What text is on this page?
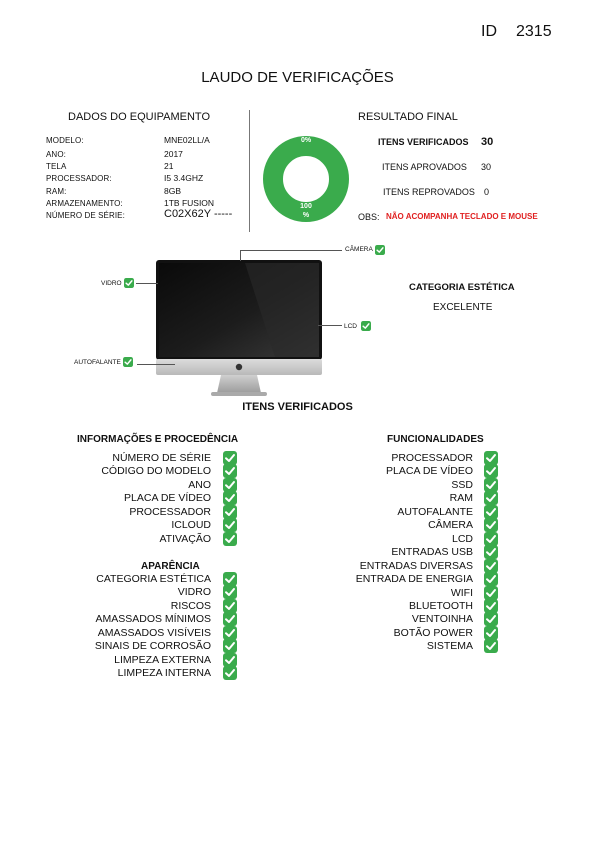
ID 2315
LAUDO DE VERIFICAÇÕES
DADOS DO EQUIPAMENTO
MODELO:	MNE02LL/A
ANO:	2017
TELA	21
PROCESSADOR:	I5 3.4GHZ
RAM:	8GB
ARMAZENAMENTO:	1TB FUSION
NÚMERO DE SÉRIE:	C02X62Y -----
RESULTADO FINAL
0%
100
%
ITENS VERIFICADOS 30
ITENS APROVADOS 30
ITENS REPROVADOS 0
OBS: NÃO ACOMPANHA TECLADO E MOUSE
CÂMERA
VIDRO
LCD
AUTOFALANTE
CATEGORIA ESTÉTICA
EXCELENTE
ITENS VERIFICADOS
INFORMAÇÕES E PROCEDÊNCIA	FUNCIONALIDADES
APARÊNCIA
NÚMERO DE SÉRIE
CÓDIGO DO MODELO
ANO
PLACA DE VÍDEO
PROCESSADOR
ICLOUD
ATIVAÇÃO
CATEGORIA ESTÉTICA
VIDRO
RISCOS
AMASSADOS MÍNIMOS
AMASSADOS VISÍVEIS
SINAIS DE CORROSÃO
LIMPEZA EXTERNA
LIMPEZA INTERNA
PROCESSADOR
PLACA DE VÍDEO
SSD
RAM
AUTOFALANTE
CÂMERA
LCD
ENTRADAS USB
ENTRADAS DIVERSAS
ENTRADA DE ENERGIA
WIFI
BLUETOOTH
VENTOINHA
BOTÃO POWER
SISTEMA
